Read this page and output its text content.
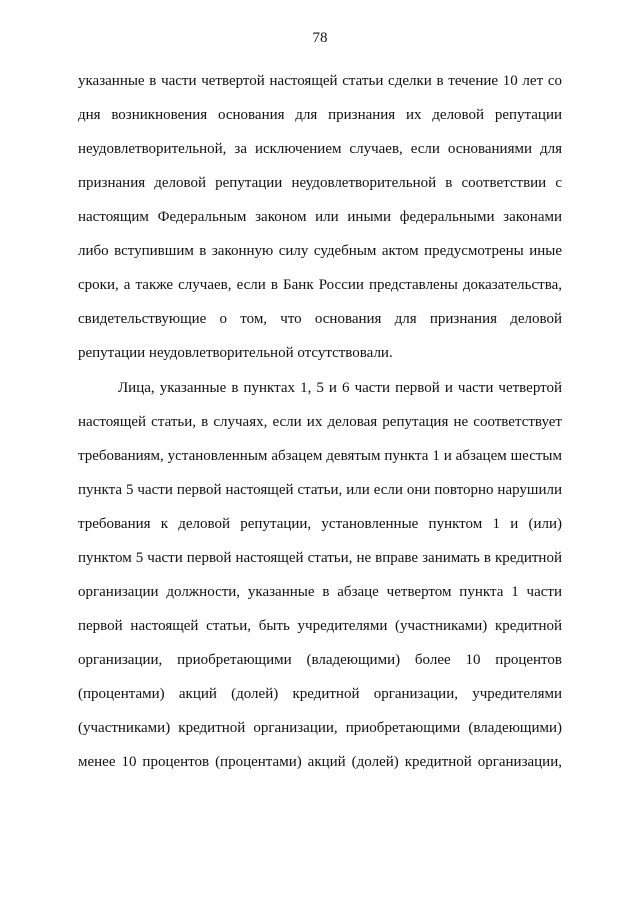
78
указанные в части четвертой настоящей статьи сделки в течение 10 лет со
дня возникновения основания для признания их деловой репутации
неудовлетворительной, за исключением случаев, если основаниями для
признания деловой репутации неудовлетворительной в соответствии с
настоящим Федеральным законом или иными федеральными законами
либо вступившим в законную силу судебным актом предусмотрены иные
сроки, а также случаев, если в Банк России представлены доказательства,
свидетельствующие о том, что основания для признания деловой
репутации неудовлетворительной отсутствовали.
Лица, указанные в пунктах 1, 5 и 6 части первой и части четвертой
настоящей статьи, в случаях, если их деловая репутация не соответствует
требованиям, установленным абзацем девятым пункта 1 и абзацем шестым
пункта 5 части первой настоящей статьи, или если они повторно нарушили
требования к деловой репутации, установленные пунктом 1 и (или)
пунктом 5 части первой настоящей статьи, не вправе занимать в кредитной
организации должности, указанные в абзаце четвертом пункта 1 части
первой настоящей статьи, быть учредителями (участниками) кредитной
организации, приобретающими (владеющими) более 10 процентов
(процентами) акций (долей) кредитной организации, учредителями
(участниками) кредитной организации, приобретающими (владеющими)
менее 10 процентов (процентами) акций (долей) кредитной организации,
